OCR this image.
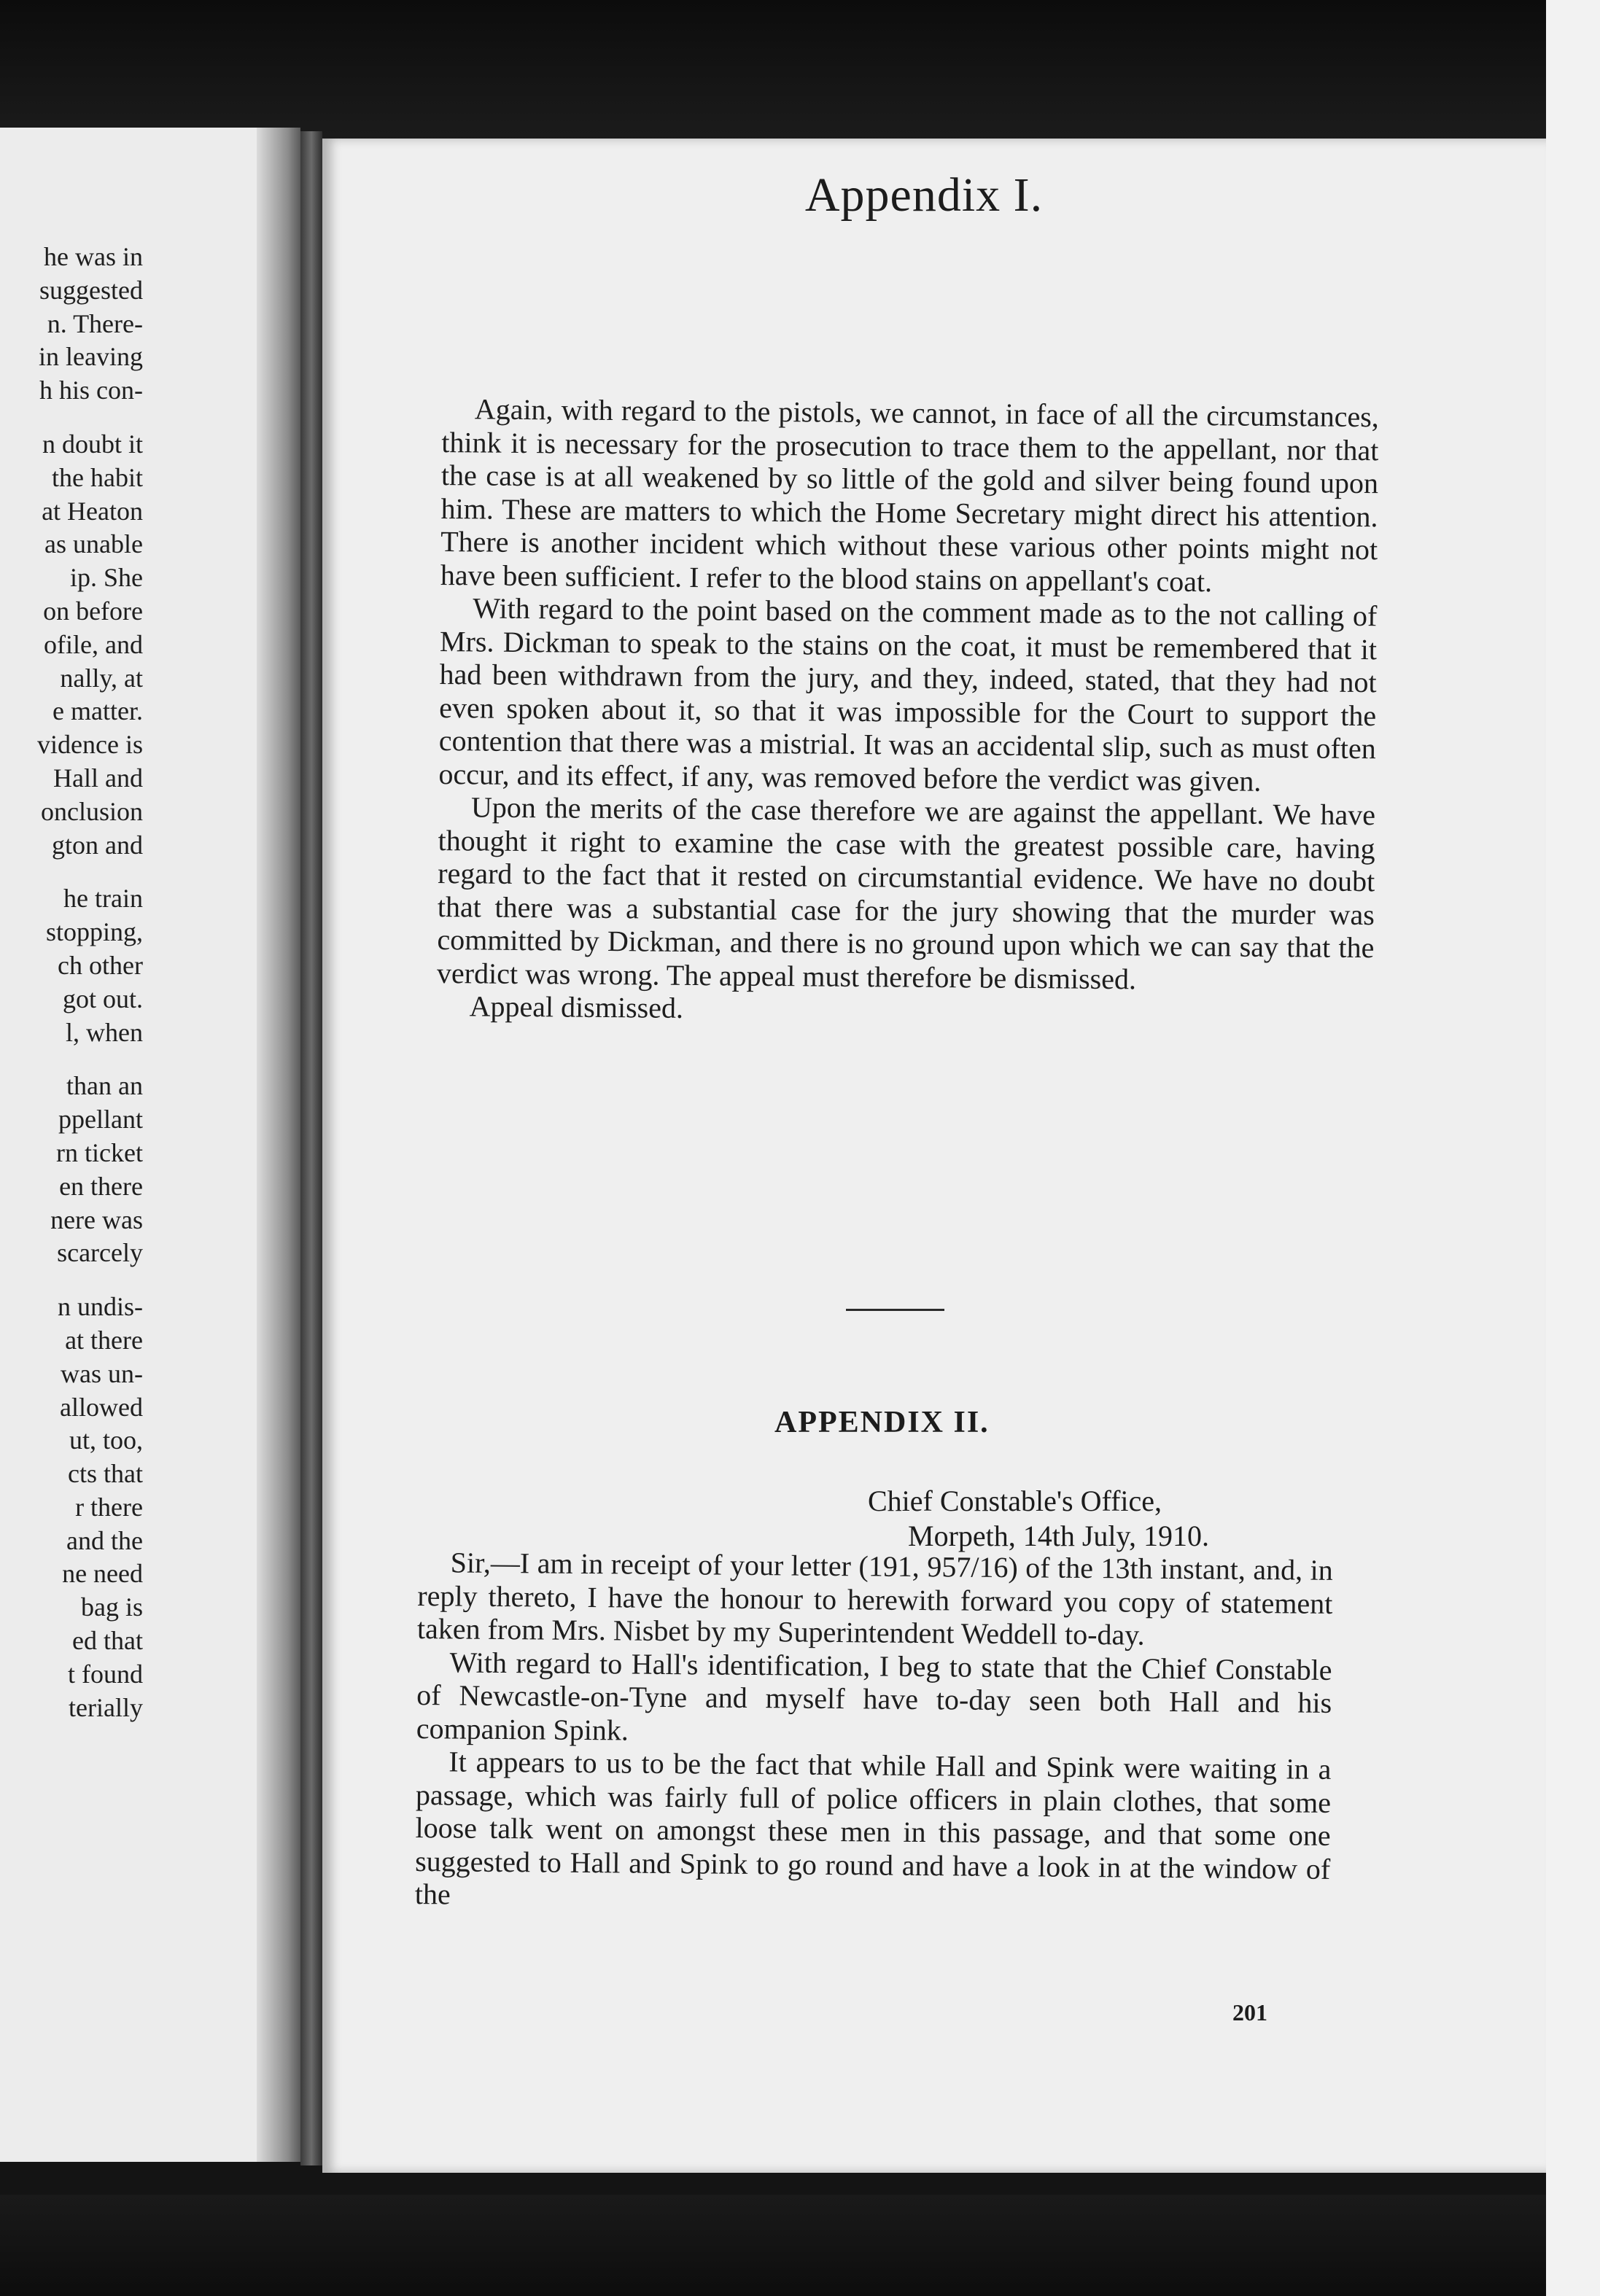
he was in
suggested
n. There-
in leaving
h his con-
n doubt it
the habit
at Heaton
as unable
ip. She
on before
ofile, and
nally, at
e matter.
vidence is
Hall and
onclusion
gton and
he train
stopping,
ch other
got out.
l, when
than an
ppellant
rn ticket
en there
nere was
scarcely
n undis-
at there
was un-
allowed
ut, too,
cts that
r there
and the
ne need
bag is
ed that
t found
terially
Appendix I.

Again, with regard to the pistols, we cannot, in face of all the circumstances, think it is necessary for the prosecution to trace them to the appellant, nor that the case is at all weakened by so little of the gold and silver being found upon him. These are matters to which the Home Secretary might direct his attention. There is another incident which without these various other points might not have been sufficient. I refer to the blood stains on appellant's coat.

With regard to the point based on the comment made as to the not calling of Mrs. Dickman to speak to the stains on the coat, it must be remembered that it had been withdrawn from the jury, and they, indeed, stated, that they had not even spoken about it, so that it was impossible for the Court to support the contention that there was a mistrial. It was an accidental slip, such as must often occur, and its effect, if any, was removed before the verdict was given.

Upon the merits of the case therefore we are against the appellant. We have thought it right to examine the case with the greatest possible care, having regard to the fact that it rested on circumstantial evidence. We have no doubt that there was a substantial case for the jury showing that the murder was committed by Dickman, and there is no ground upon which we can say that the verdict was wrong. The appeal must therefore be dismissed.

Appeal dismissed.

APPENDIX II.
Chief Constable's Office,
Morpeth, 14th July, 1910.

Sir,—I am in receipt of your letter (191, 957/16) of the 13th instant, and, in reply thereto, I have the honour to herewith forward you copy of statement taken from Mrs. Nisbet by my Superintendent Weddell to-day.

With regard to Hall's identification, I beg to state that the Chief Constable of Newcastle-on-Tyne and myself have to-day seen both Hall and his companion Spink.

It appears to us to be the fact that while Hall and Spink were waiting in a passage, which was fairly full of police officers in plain clothes, that some loose talk went on amongst these men in this passage, and that some one suggested to Hall and Spink to go round and have a look in at the window of the

201
